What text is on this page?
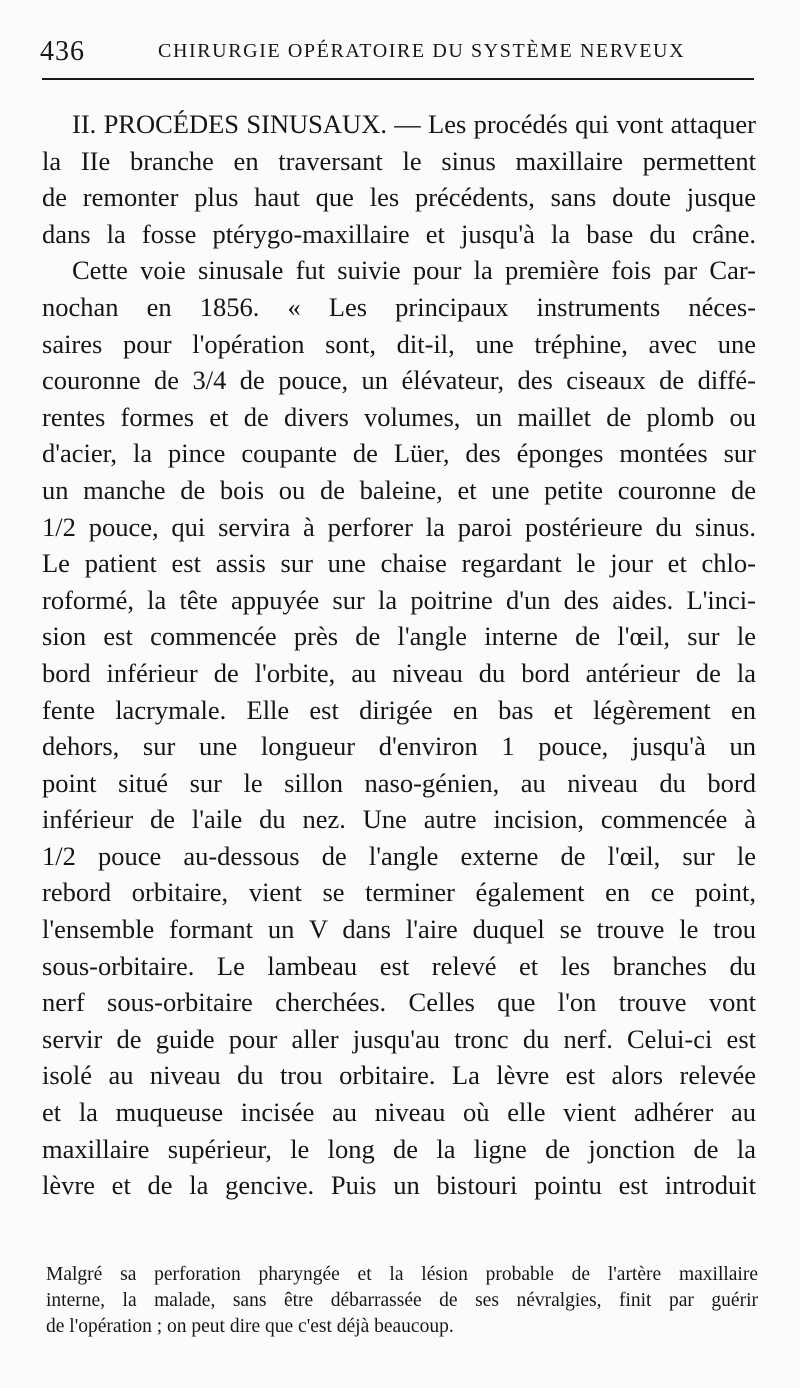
436	CHIRURGIE OPÉRATOIRE DU SYSTÈME NERVEUX

II. PROCÉDES SINUSAUX. — Les procédés qui vont attaquer

la IIe branche en traversant le sinus maxillaire permettent

de remonter plus haut que les précédents, sans doute jusque

dans la fosse ptérygo-maxillaire et jusqu'à la base du crâne.

Cette voie sinusale fut suivie pour la première fois par Car-

nochan en 1856. « Les principaux instruments néces-

saires pour l'opération sont, dit-il, une tréphine, avec une

couronne de 3/4 de pouce, un élévateur, des ciseaux de diffé-

rentes formes et de divers volumes, un maillet de plomb ou

d'acier, la pince coupante de Lüer, des éponges montées sur

un manche de bois ou de baleine, et une petite couronne de

1/2 pouce, qui servira à perforer la paroi postérieure du sinus.

Le patient est assis sur une chaise regardant le jour et chlo-

roformé, la tête appuyée sur la poitrine d'un des aides. L'inci-

sion est commencée près de l'angle interne de l'œil, sur le

bord inférieur de l'orbite, au niveau du bord antérieur de la

fente lacrymale. Elle est dirigée en bas et légèrement en

dehors, sur une longueur d'environ 1 pouce, jusqu'à un

point situé sur le sillon naso-génien, au niveau du bord

inférieur de l'aile du nez. Une autre incision, commencée à

1/2 pouce au-dessous de l'angle externe de l'œil, sur le

rebord orbitaire, vient se terminer également en ce point,

l'ensemble formant un V dans l'aire duquel se trouve le trou

sous-orbitaire. Le lambeau est relevé et les branches du

nerf sous-orbitaire cherchées. Celles que l'on trouve vont

servir de guide pour aller jusqu'au tronc du nerf. Celui-ci est

isolé au niveau du trou orbitaire. La lèvre est alors relevée

et la muqueuse incisée au niveau où elle vient adhérer au

maxillaire supérieur, le long de la ligne de jonction de la

lèvre et de la gencive. Puis un bistouri pointu est introduit

Malgré sa perforation pharyngée et la lésion probable de l'artère maxillaire

interne, la malade, sans être débarrassée de ses névralgies, finit par guérir

de l'opération ; on peut dire que c'est déjà beaucoup.
